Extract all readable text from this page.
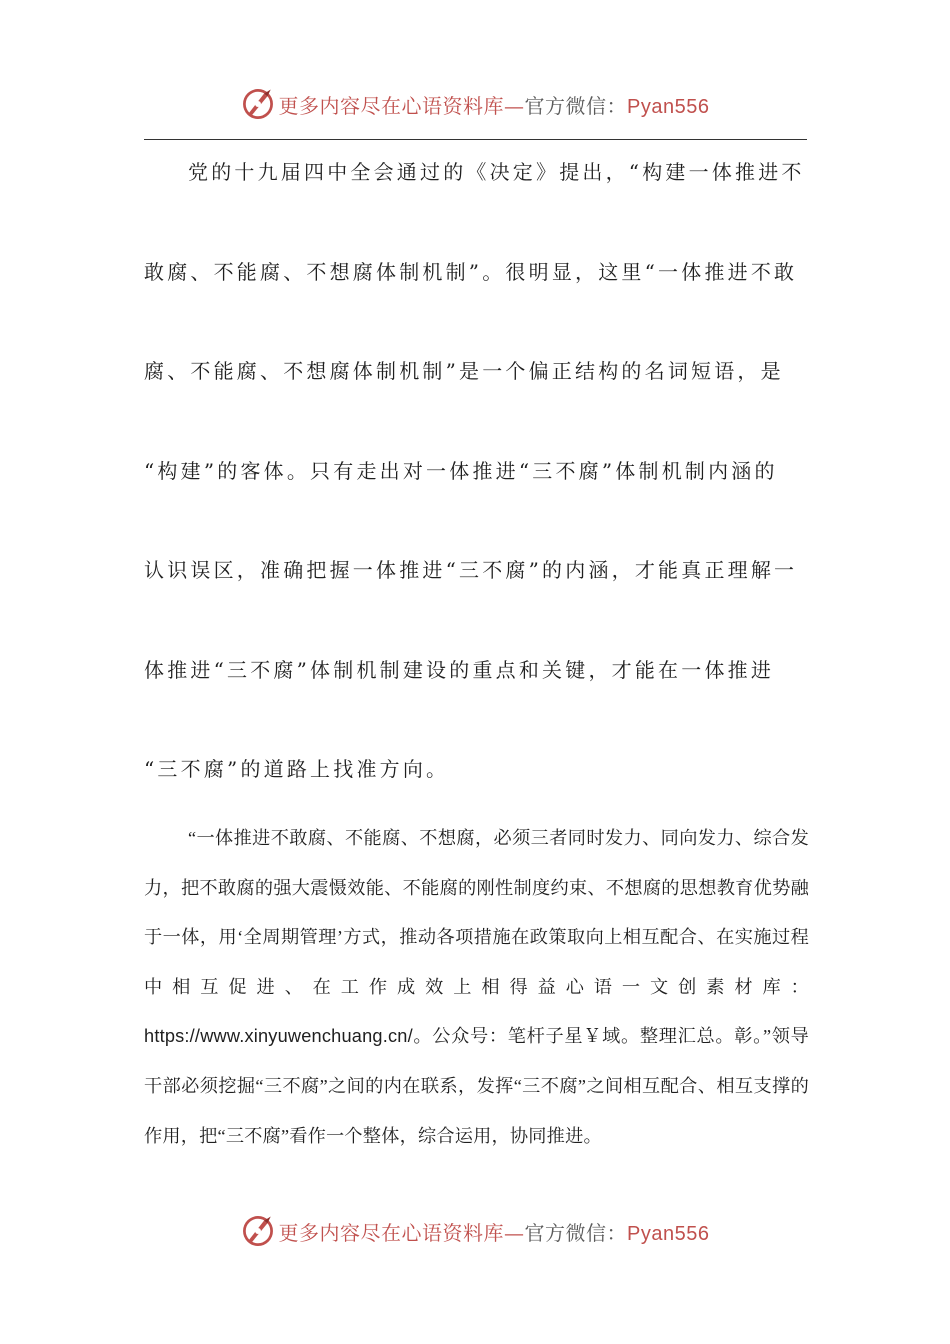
更多内容尽在心语资料库—官方微信：Pyan556
党的十九届四中全会通过的《决定》提出，“构建一体推进不
敢腐、不能腐、不想腐体制机制”。很明显，这里“一体推进不敢
腐、不能腐、不想腐体制机制”是一个偏正结构的名词短语，是
“构建”的客体。只有走出对一体推进“三不腐”体制机制内涵的
认识误区，准确把握一体推进“三不腐”的内涵，才能真正理解一
体推进“三不腐”体制机制建设的重点和关键，才能在一体推进
“三不腐”的道路上找准方向。

“一体推进不敢腐、不能腐、不想腐，必须三者同时发力、同向发力、综合发力，把不敢腐的强大震慑效能、不能腐的刚性制度约束、不想腐的思想教育优势融于一体，用‘全周期管理’方式，推动各项措施在政策取向上相互配合、在实施过程中相互促进、在工作成效上相得益心语一文创素材库：https://www.xinyuwenchuang.cn/。公众号：笔杆子星￥域。整理汇总。彰。”领导干部必须挖掘“三不腐”之间的内在联系，发挥“三不腐”之间相互配合、相互支撑的作用，把“三不腐”看作一个整体，综合运用，协同推进。

更多内容尽在心语资料库—官方微信：Pyan556
